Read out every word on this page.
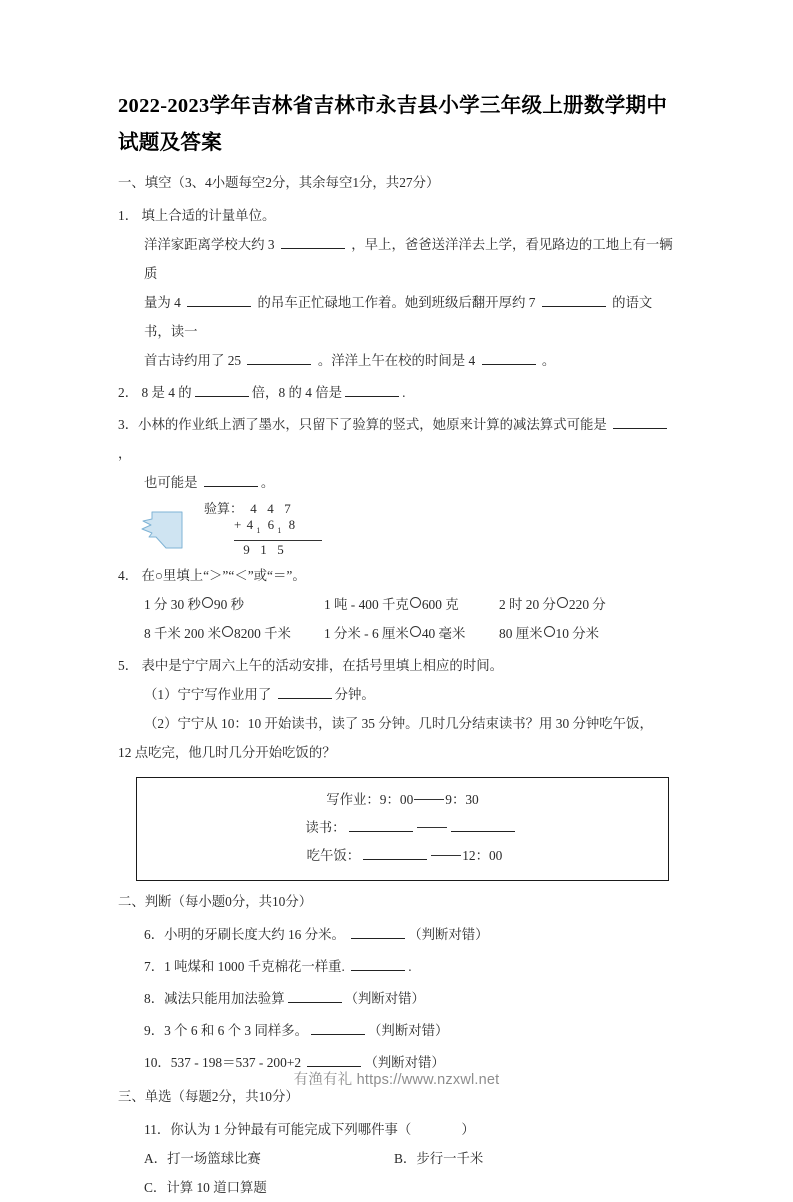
2022-2023学年吉林省吉林市永吉县小学三年级上册数学期中试题及答案

一、填空（3、4小题每空2分，其余每空1分，共27分）

1． 填上合适的计量单位。

洋洋家距离学校大约 3	，早上，爸爸送洋洋去上学，看见路边的工地上有一辆质

量为 4	的吊车正忙碌地工作着。她到班级后翻开厚约 7	的语文书，读一

首古诗约用了 25	。洋洋上午在校的时间是 4	。

2． 8 是 4 的	倍，8 的 4 倍是	.

3．小林的作业纸上洒了墨水，只留下了验算的竖式，她原来计算的减法算式可能是 ，

也可能是	。

验算： 4 4 7
+ 4 $_1$ 6 $_1$ 8
9 1 5

4． 在○里填上“＞”“＜”或“＝”。

1 分 30 秒 90 秒	1 吨 - 400 千克 600 克	2 时 20 分 220 分
8 千米 200 米 8200 千米	1 分米 - 6 厘米 40 毫米	80 厘米 10 分米

5． 表中是宁宁周六上午的活动安排，在括号里填上相应的时间。

（1）宁宁写作业用了	分钟。

（2）宁宁从 10：10 开始读书，读了 35 分钟。几时几分结束读书？用 30 分钟吃午饭，

12 点吃完，他几时几分开始吃饭的？

写作业：9：00 9：30
读书：
吃午饭：	12：00

二、判断（每小题0分，共10分）

6．小明的牙刷长度大约 16 分米。	（判断对错）

7．1 吨煤和 1000 千克棉花一样重.	.

8．减法只能用加法验算	（判断对错）

9．3 个 6 和 6 个 3 同样多。	（判断对错）

10．537 - 198＝537 - 200+2	（判断对错）

三、单选（每题2分，共10分）

11．你认为 1 分钟最有可能完成下列哪件事（	）

A．打一场篮球比赛	B．步行一千米
C．计算 10 道口算题
有渔有礼 https://www.nzxwl.net
